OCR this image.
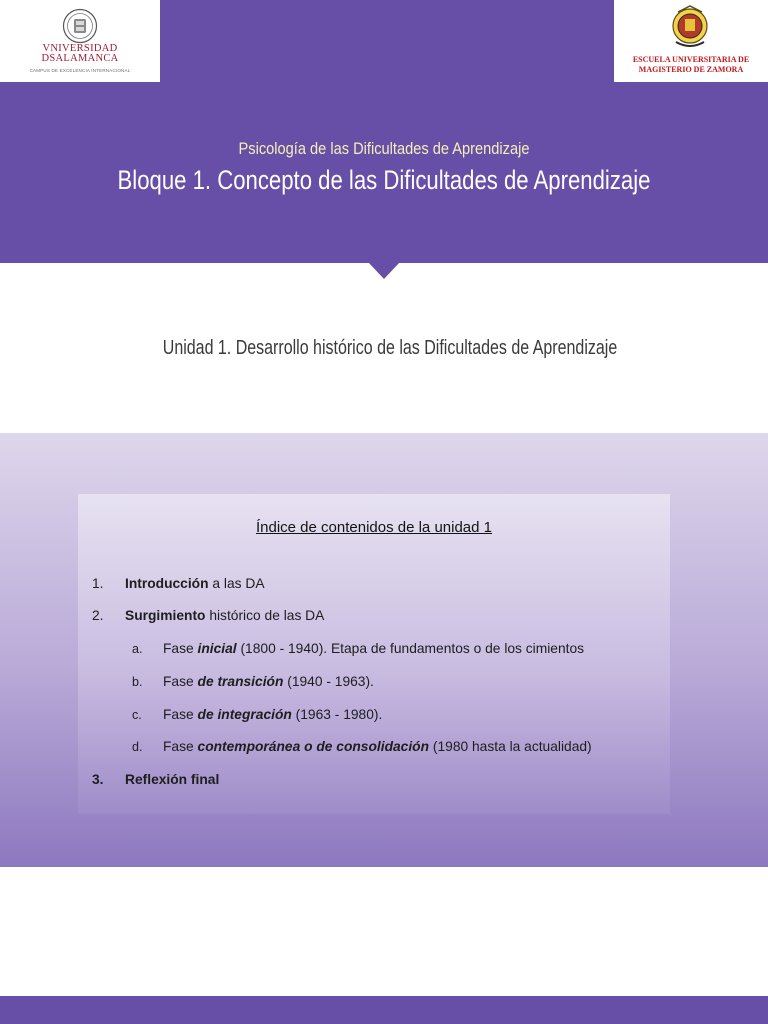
VNIVERSIDAD
DSALAMANCA
CAMPUS DE EXCELENCIA INTERNACIONAL
ESCUELA UNIVERSITARIA DE
MAGISTERIO DE ZAMORA
Psicología de las Dificultades de Aprendizaje
Bloque 1. Concepto de las Dificultades de Aprendizaje
Unidad 1. Desarrollo histórico de las Dificultades de Aprendizaje
Índice de contenidos de la unidad 1
1. Introducción a las DA
2. Surgimiento histórico de las DA
a. Fase inicial (1800 - 1940). Etapa de fundamentos o de los cimientos
b. Fase de transición (1940 - 1963).
c. Fase de integración (1963 - 1980).
d. Fase contemporánea o de consolidación (1980 hasta la actualidad)
3. Reflexión final
